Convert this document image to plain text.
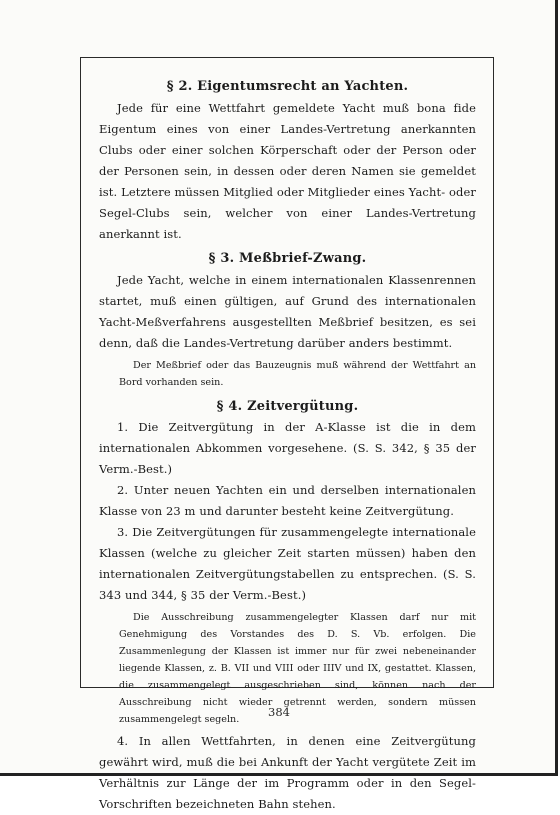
§ 2. Eigentumsrecht an Yachten.

Jede für eine Wettfahrt gemeldete Yacht muß bona fide Eigentum eines von einer Landes-Vertretung anerkannten Clubs oder einer solchen Körperschaft oder der Person oder der Personen sein, in dessen oder deren Namen sie gemeldet ist. Letztere müssen Mitglied oder Mitglieder eines Yacht- oder Segel-Clubs sein, welcher von einer Landes-Vertretung anerkannt ist.

§ 3. Meßbrief-Zwang.

Jede Yacht, welche in einem internationalen Klassenrennen startet, muß einen gültigen, auf Grund des internationalen Yacht-Meßverfahrens ausgestellten Meßbrief besitzen, es sei denn, daß die Landes-Vertretung darüber anders bestimmt.

Der Meßbrief oder das Bauzeugnis muß während der Wettfahrt an Bord vorhanden sein.

§ 4. Zeitvergütung.

1. Die Zeitvergütung in der A-Klasse ist die in dem internationalen Abkommen vorgesehene. (S. S. 342, § 35 der Verm.-Best.)

2. Unter neuen Yachten ein und derselben internationalen Klasse von 23 m und darunter besteht keine Zeitvergütung.

3. Die Zeitvergütungen für zusammengelegte internationale Klassen (welche zu gleicher Zeit starten müssen) haben den internationalen Zeitvergütungstabellen zu entsprechen. (S. S. 343 und 344, § 35 der Verm.-Best.)

Die Ausschreibung zusammengelegter Klassen darf nur mit Genehmigung des Vorstandes des D. S. Vb. erfolgen. Die Zusammenlegung der Klassen ist immer nur für zwei nebeneinander liegende Klassen, z. B. VII und VIII oder IIIV und IX, gestattet. Klassen, die zusammengelegt ausgeschrieben sind, können nach der Ausschreibung nicht wieder getrennt werden, sondern müssen zusammengelegt segeln.

4. In allen Wettfahrten, in denen eine Zeitvergütung gewährt wird, muß die bei Ankunft der Yacht vergütete Zeit im Verhältnis zur Länge der im Programm oder in den Segel-Vorschriften bezeichneten Bahn stehen.

384
